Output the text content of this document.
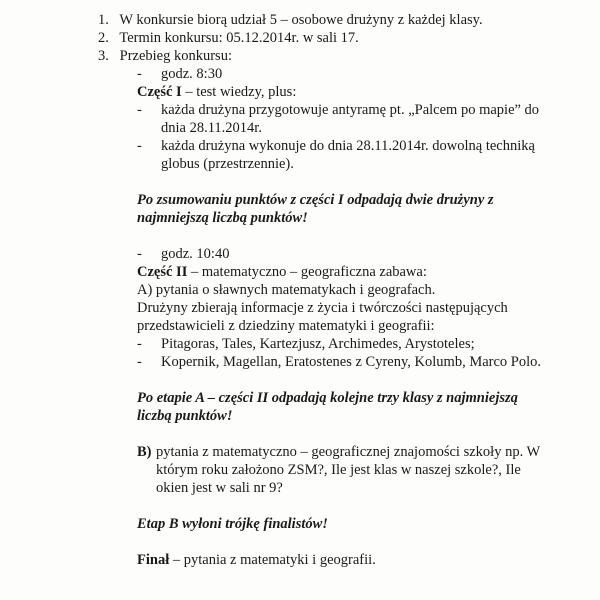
1. W konkursie biorą udział 5 – osobowe drużyny z każdej klasy.
2. Termin konkursu: 05.12.2014r. w sali 17.
3. Przebieg konkursu:
- godz. 8:30
Część I – test wiedzy, plus:
- każda drużyna przygotowuje antyramę pt. „Palcem po mapie” do
dnia 28.11.2014r.
- każda drużyna wykonuje do dnia 28.11.2014r. dowolną techniką
globus (przestrzennie).
Po zsumowaniu punktów z części I odpadają dwie drużyny z
najmniejszą liczbą punktów!
- godz. 10:40
Część II – matematyczno – geograficzna zabawa:
A) pytania o sławnych matematykach i geografach.
Drużyny zbierają informacje z życia i twórczości następujących
przedstawicieli z dziedziny matematyki i geografii:
- Pitagoras, Tales, Kartezjusz, Archimedes, Arystoteles;
- Kopernik, Magellan, Eratostenes z Cyreny, Kolumb, Marco Polo.
Po etapie A – części II odpadają kolejne trzy klasy z najmniejszą
liczbą punktów!
B) pytania z matematyczno – geograficznej znajomości szkoły np. W
którym roku założono ZSM?, Ile jest klas w naszej szkole?, Ile
okien jest w sali nr 9?
Etap B wyłoni trójkę finalistów!
Finał – pytania z matematyki i geografii.
